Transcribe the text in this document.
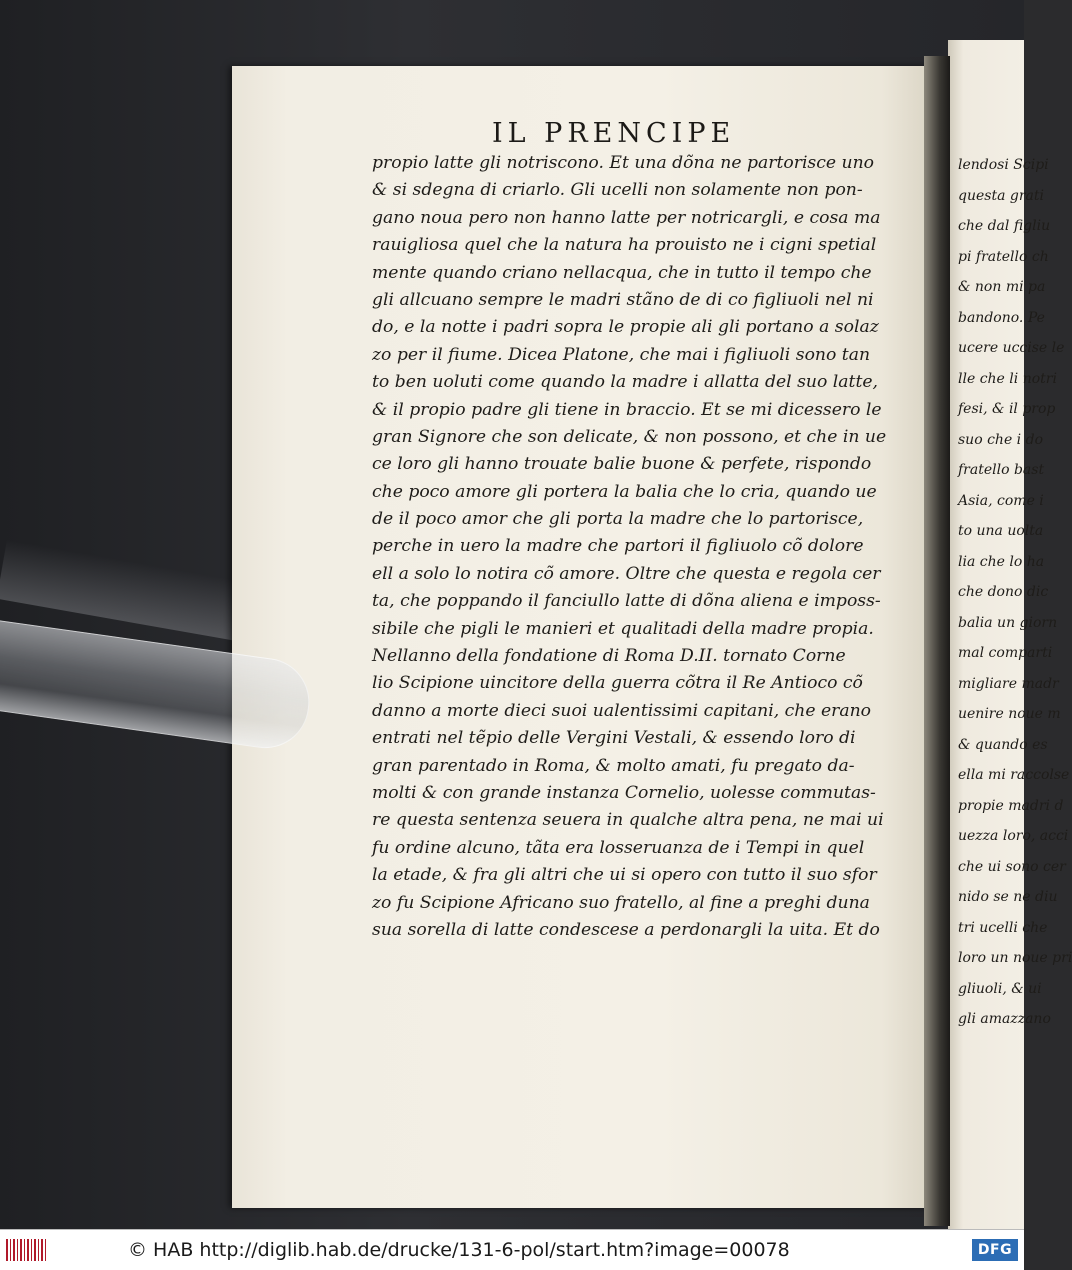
IL PRENCIPE
propio latte gli notriscono. Et una dõna ne partorisce uno
& si sdegna di criarlo. Gli ucelli non solamente non pon-
gano noua pero non hanno latte per notricargli, e cosa ma
rauigliosa quel che la natura ha prouisto ne i cigni spetial
mente quando criano nellacqua, che in tutto il tempo che
gli allcuano sempre le madri stãno de di co figliuoli nel ni
do, e la notte i padri sopra le propie ali gli portano a solaz
zo per il fiume. Dicea Platone, che mai i figliuoli sono tan
to ben uoluti come quando la madre i allatta del suo latte,
& il propio padre gli tiene in braccio. Et se mi dicessero le
gran Signore che son delicate, & non possono, et che in ue
ce loro gli hanno trouate balie buone & perfete, rispondo
che poco amore gli portera la balia che lo cria, quando ue
de il poco amor che gli porta la madre che lo partorisce,
perche in uero la madre che partori il figliuolo cõ dolore
ell a solo lo notira cõ amore. Oltre che questa e regola cer
ta, che poppando il fanciullo latte di dõna aliena e imposs-
sibile che pigli le manieri et qualitadi della madre propia.
Nellanno della fondatione di Roma D.II. tornato Corne
lio Scipione uincitore della guerra cõtra il Re Antioco cõ
danno a morte dieci suoi ualentissimi capitani, che erano
entrati nel tẽpio delle Vergini Vestali, & essendo loro di
gran parentado in Roma, & molto amati, fu pregato da-
molti & con grande instanza Cornelio, uolesse commutas-
re questa sentenza seuera in qualche altra pena, ne mai ui
fu ordine alcuno, tãta era losseruanza de i Tempi in quel
la etade, & fra gli altri che ui si opero con tutto il suo sfor
zo fu Scipione Africano suo fratello, al fine a preghi duna
sua sorella di latte condescese a perdonargli la uita. Et do
lendosi Scipi
questa grati
che dal figliu
pi fratello ch
& non mi pa
bandono. Pe
ucere uccise le
lle che li notri
fesi, & il prop
suo che i do
fratello bast
Asia, come i
to una uolta
lia che lo ha
che dono dic
balia un giorn
mal comparti
migliare madr
uenire noue m
& quando es
ella mi raccolse
propie madri d
uezza loro, acci
che ui sono cer
nido se ne diu
tri ucelli che
loro un noue pri
gliuoli, & ui
gli amazzano
© HAB http://diglib.hab.de/drucke/131-6-pol/start.htm?image=00078	DFG
